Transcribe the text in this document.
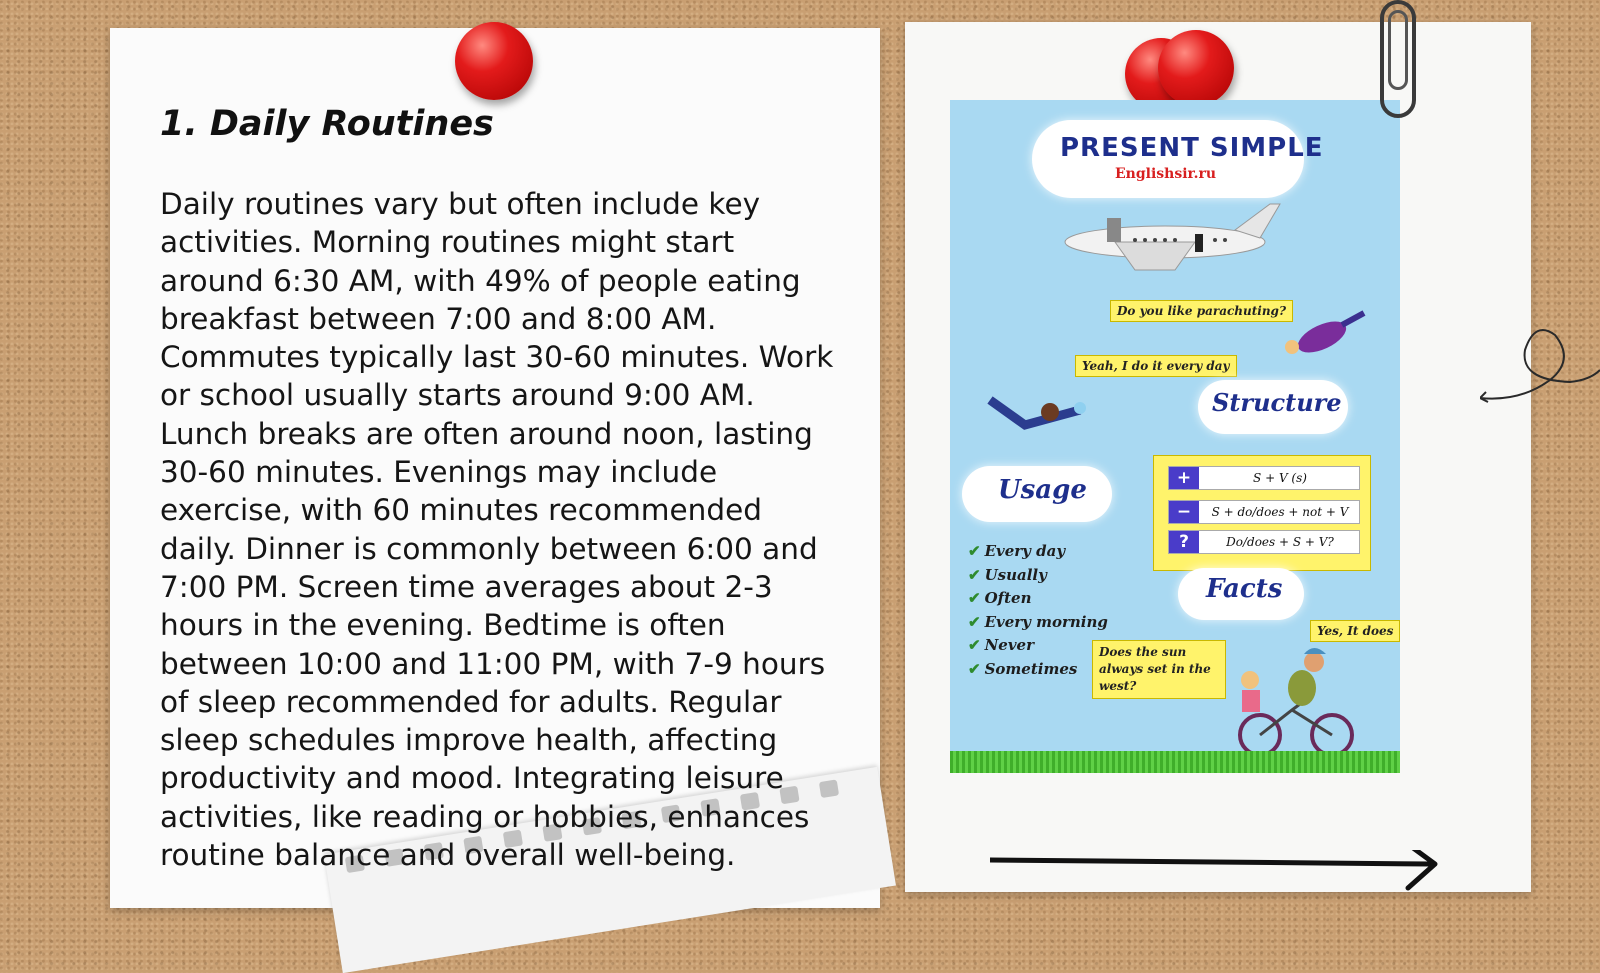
1. Daily Routines

Daily routines vary but often include key activities. Morning routines might start around 6:30 AM, with 49% of people eating breakfast between 7:00 and 8:00 AM. Commutes typically last 30-60 minutes. Work or school usually starts around 9:00 AM. Lunch breaks are often around noon, lasting 30-60 minutes. Evenings may include exercise, with 60 minutes recommended daily. Dinner is commonly between 6:00 and 7:00 PM. Screen time averages about 2-3 hours in the evening. Bedtime is often between 10:00 and 11:00 PM, with 7-9 hours of sleep recommended for adults. Regular sleep schedules improve health, affecting productivity and mood. Integrating leisure activities, like reading or hobbies, enhances routine balance and overall well-being.

PRESENT SIMPLE
Englishsir.ru
Do you like parachuting?
Yeah, I do it every day
Structure
+	S + V (s)
−	S + do/does + not + V
?	Do/does + S + V?
Usage
✔ Every day
✔ Usually
✔ Often
✔ Every morning
✔ Never
✔ Sometimes
Facts
Yes, It does
Does the sun always set in the west?
